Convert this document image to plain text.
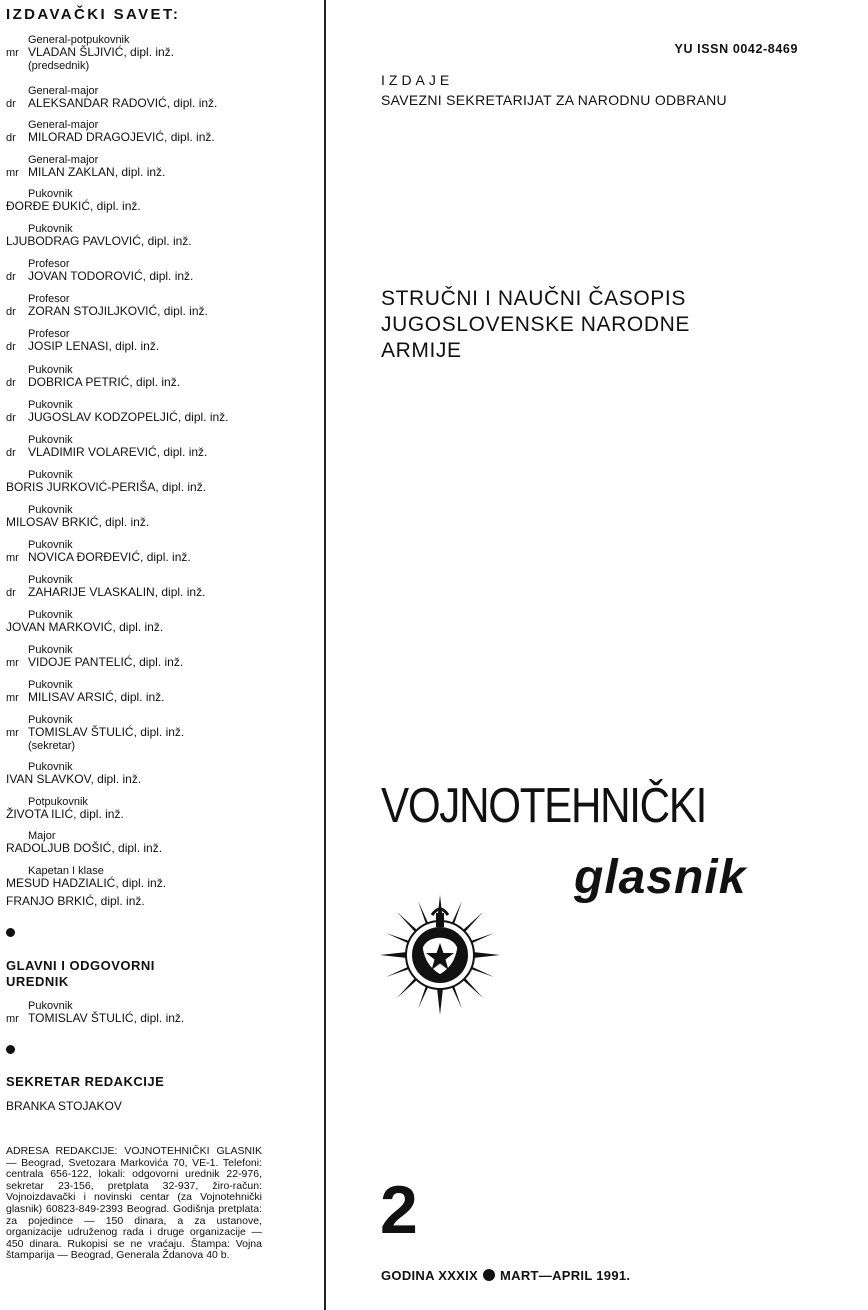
IZDAVAČKI SAVET:
General-potpukovnik
mr VLADAN ŠLJIVIĆ, dipl. inž.
(predsednik)
General-major
dr ALEKSANDAR RADOVIĆ, dipl. inž.
General-major
dr MILORAD DRAGOJEVIĆ, dipl. inž.
General-major
mr MILAN ZAKLAN, dipl. inž.
Pukovnik
ĐORĐE ĐUKIĆ, dipl. inž.
Pukovnik
LJUBODRAG PAVLOVIĆ, dipl. inž.
Profesor
dr JOVAN TODOROVIĆ, dipl. inž.
Profesor
dr ZORAN STOJILJKOVIĆ, dipl. inž.
Profesor
dr JOSIP LENASI, dipl. inž.
Pukovnik
dr DOBRICA PETRIĆ, dipl. inž.
Pukovnik
dr JUGOSLAV KODZOPELJIĆ, dipl. inž.
Pukovnik
dr VLADIMIR VOLAREVIĆ, dipl. inž.
Pukovnik
BORIS JURKOVIĆ-PERIŠA, dipl. inž.
Pukovnik
MILOSAV BRKIĆ, dipl. inž.
Pukovnik
mr NOVICA ĐORĐEVIĆ, dipl. inž.
Pukovnik
dr ZAHARIJE VLASKALIN, dipl. inž.
Pukovnik
JOVAN MARKOVIĆ, dipl. inž.
Pukovnik
mr VIDOJE PANTELIĆ, dipl. inž.
Pukovnik
mr MILISAV ARSIĆ, dipl. inž.
Pukovnik
mr TOMISLAV ŠTULIĆ, dipl. inž.
(sekretar)
Pukovnik
IVAN SLAVKOV, dipl. inž.
Potpukovnik
ŽIVOTA ILIĆ, dipl. inž.
Major
RADOLJUB DOŠIĆ, dipl. inž.
Kapetan I klase
MESUD HADZIALIĆ, dipl. inž.
FRANJO BRKIĆ, dipl. inž.
GLAVNI I ODGOVORNI
UREDNIK
Pukovnik
mr TOMISLAV ŠTULIĆ, dipl. inž.
SEKRETAR REDAKCIJE
BRANKA STOJAKOV

ADRESA REDAKCIJE: VOJNOTEHNIČKI GLASNIK — Beograd, Svetozara Markovića 70, VE-1. Telefoni: centrala 656-122, lokali: odgovorni urednik 22-976, sekretar 23-156, pretplata 32-937, žiro-račun: Vojnoizdavački i novinski centar (za Vojnotehnički glasnik) 60823-849-2393 Beograd. Godišnja pretplata: za pojedince — 150 dinara, a za ustanove, organizacije udruženog rada i druge organizacije — 450 dinara. Rukopisi se ne vraćaju. Štampa: Vojna štamparija — Beograd, Generala Ždanova 40 b.

YU ISSN 0042-8469
IZDAJE
SAVEZNI SEKRETARIJAT ZA NARODNU ODBRANU
STRUČNI I NAUČNI ČASOPIS
JUGOSLOVENSKE NARODNE
ARMIJE
VOJNOTEHNIČKI
glasnik
2
GODINA XXXIX MART—APRIL 1991.
